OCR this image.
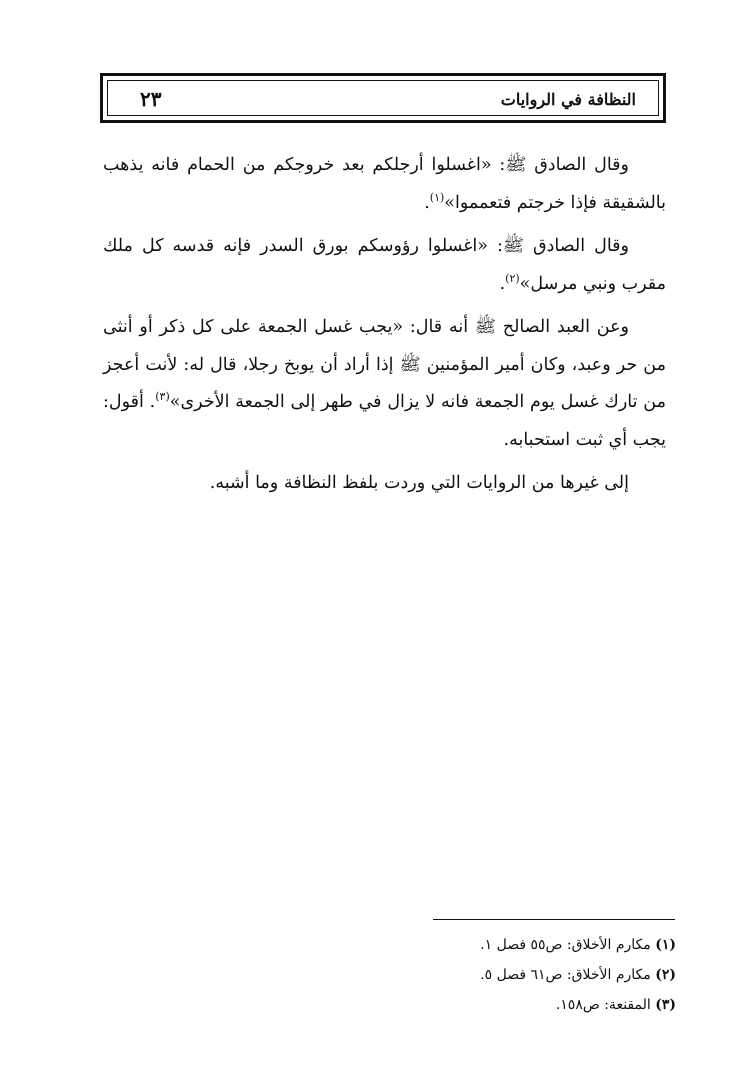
النظافة في الروايات
٢٣

وقال الصادق ﷺ: «اغسلوا أرجلكم بعد خروجكم من الحمام فانه يذهب بالشقيقة فإذا خرجتم فتعمموا»$^{(١)}$.

وقال الصادق ﷺ: «اغسلوا رؤوسكم بورق السدر فإنه قدسه كل ملك مقرب ونبي مرسل»$^{(٢)}$.

وعن العبد الصالح ﷺ أنه قال: «يجب غسل الجمعة على كل ذكر أو أنثى من حر وعبد، وكان أمير المؤمنين ﷺ إذا أراد أن يوبخ رجلا، قال له: لأنت أعجز من تارك غسل يوم الجمعة فانه لا يزال في طهر إلى الجمعة الأخرى»$^{(٣)}$. أقول: يجب أي ثبت استحبابه.

إلى غيرها من الروايات التي وردت بلفظ النظافة وما أشبه.

(١) مكارم الأخلاق: ص٥٥ فصل ١.
(٢) مكارم الأخلاق: ص٦١ فصل ٥.
(٣) المقنعة: ص١٥٨.
